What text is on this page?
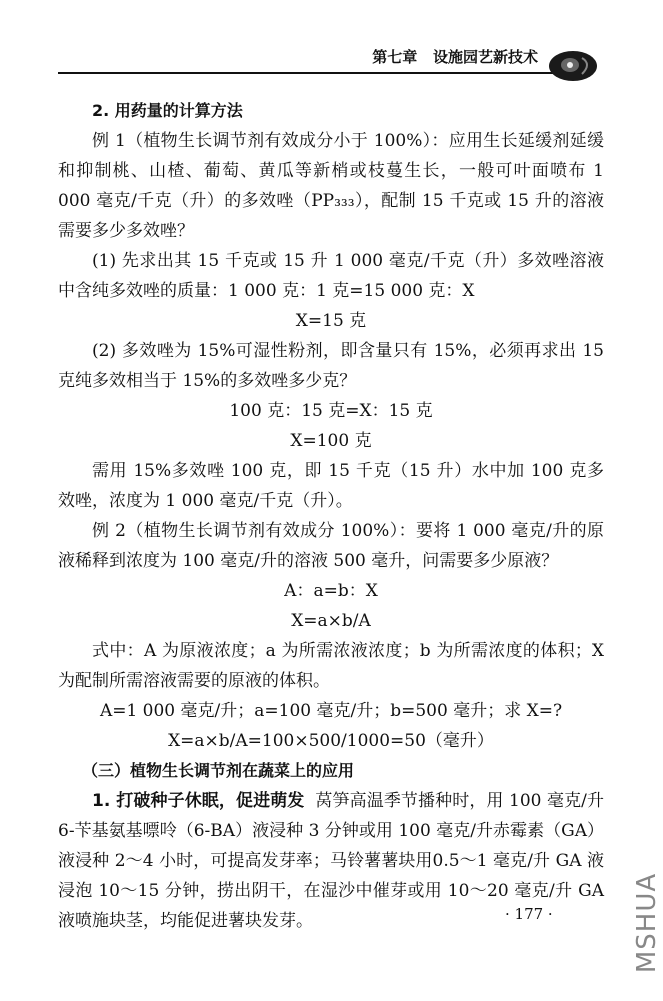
第七章 设施园艺新技术

2. 用药量的计算方法

例 1（植物生长调节剂有效成分小于 100%）：应用生长延缓剂延缓和抑制桃、山楂、葡萄、黄瓜等新梢或枝蔓生长，一般可叶面喷布 1 000 毫克/千克（升）的多效唑（PP₃₃₃），配制 15 千克或 15 升的溶液需要多少多效唑？

(1) 先求出其 15 千克或 15 升 1 000 毫克/千克（升）多效唑溶液中含纯多效唑的质量：1 000 克：1 克=15 000 克：X

X=15 克

(2) 多效唑为 15%可湿性粉剂，即含量只有 15%，必须再求出 15 克纯多效相当于 15%的多效唑多少克？

100 克：15 克=X：15 克

X=100 克

需用 15%多效唑 100 克，即 15 千克（15 升）水中加 100 克多效唑，浓度为 1 000 毫克/千克（升）。

例 2（植物生长调节剂有效成分 100%）：要将 1 000 毫克/升的原液稀释到浓度为 100 毫克/升的溶液 500 毫升，问需要多少原液？

A：a=b：X

X=a×b/A

式中：A 为原液浓度；a 为所需浓液浓度；b 为所需浓度的体积；X 为配制所需溶液需要的原液的体积。

A=1 000 毫克/升；a=100 毫克/升；b=500 毫升；求 X=?

X=a×b/A=100×500/1000=50（毫升）

（三）植物生长调节剂在蔬菜上的应用

1. 打破种子休眠，促进萌发 莴笋高温季节播种时，用 100 毫克/升 6-苄基氨基嘌呤（6-BA）液浸种 3 分钟或用 100 毫克/升赤霉素（GA）液浸种 2～4 小时，可提高发芽率；马铃薯薯块用0.5～1 毫克/升 GA 液浸泡 10～15 分钟，捞出阴干，在湿沙中催芽或用 10～20 毫克/升 GA 液喷施块茎，均能促进薯块发芽。	· 177 ·	MSHUA
